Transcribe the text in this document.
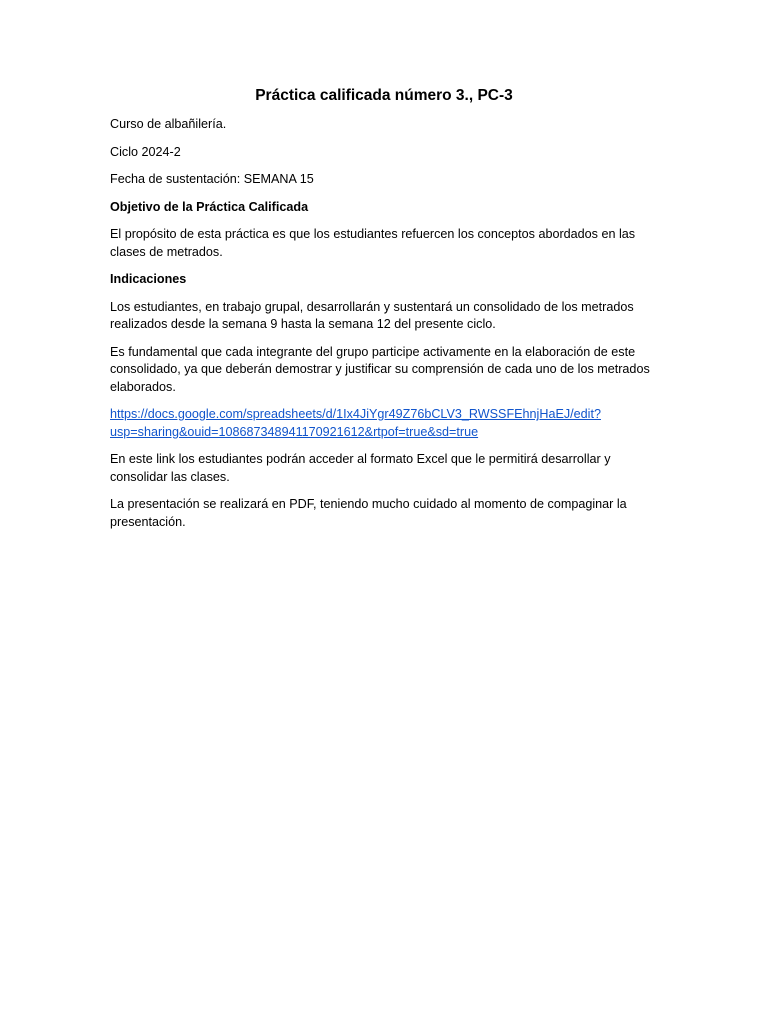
Práctica calificada número 3., PC-3

Curso de albañilería.

Ciclo 2024-2

Fecha de sustentación: SEMANA 15

Objetivo de la Práctica Calificada

El propósito de esta práctica es que los estudiantes refuercen los conceptos abordados en las clases de metrados.

Indicaciones

Los estudiantes, en trabajo grupal, desarrollarán y sustentará un consolidado de los metrados realizados desde la semana 9 hasta la semana 12 del presente ciclo.

Es fundamental que cada integrante del grupo participe activamente en la elaboración de este consolidado, ya que deberán demostrar y justificar su comprensión de cada uno de los metrados elaborados.

https://docs.google.com/spreadsheets/d/1Ix4JiYgr49Z76bCLV3_RWSSFEhnjHaEJ/edit?
usp=sharing&ouid=108687348941170921612&rtpof=true&sd=true

En este link los estudiantes podrán acceder al formato Excel que le permitirá desarrollar y consolidar las clases.

La presentación se realizará en PDF, teniendo mucho cuidado al momento de compaginar la presentación.
